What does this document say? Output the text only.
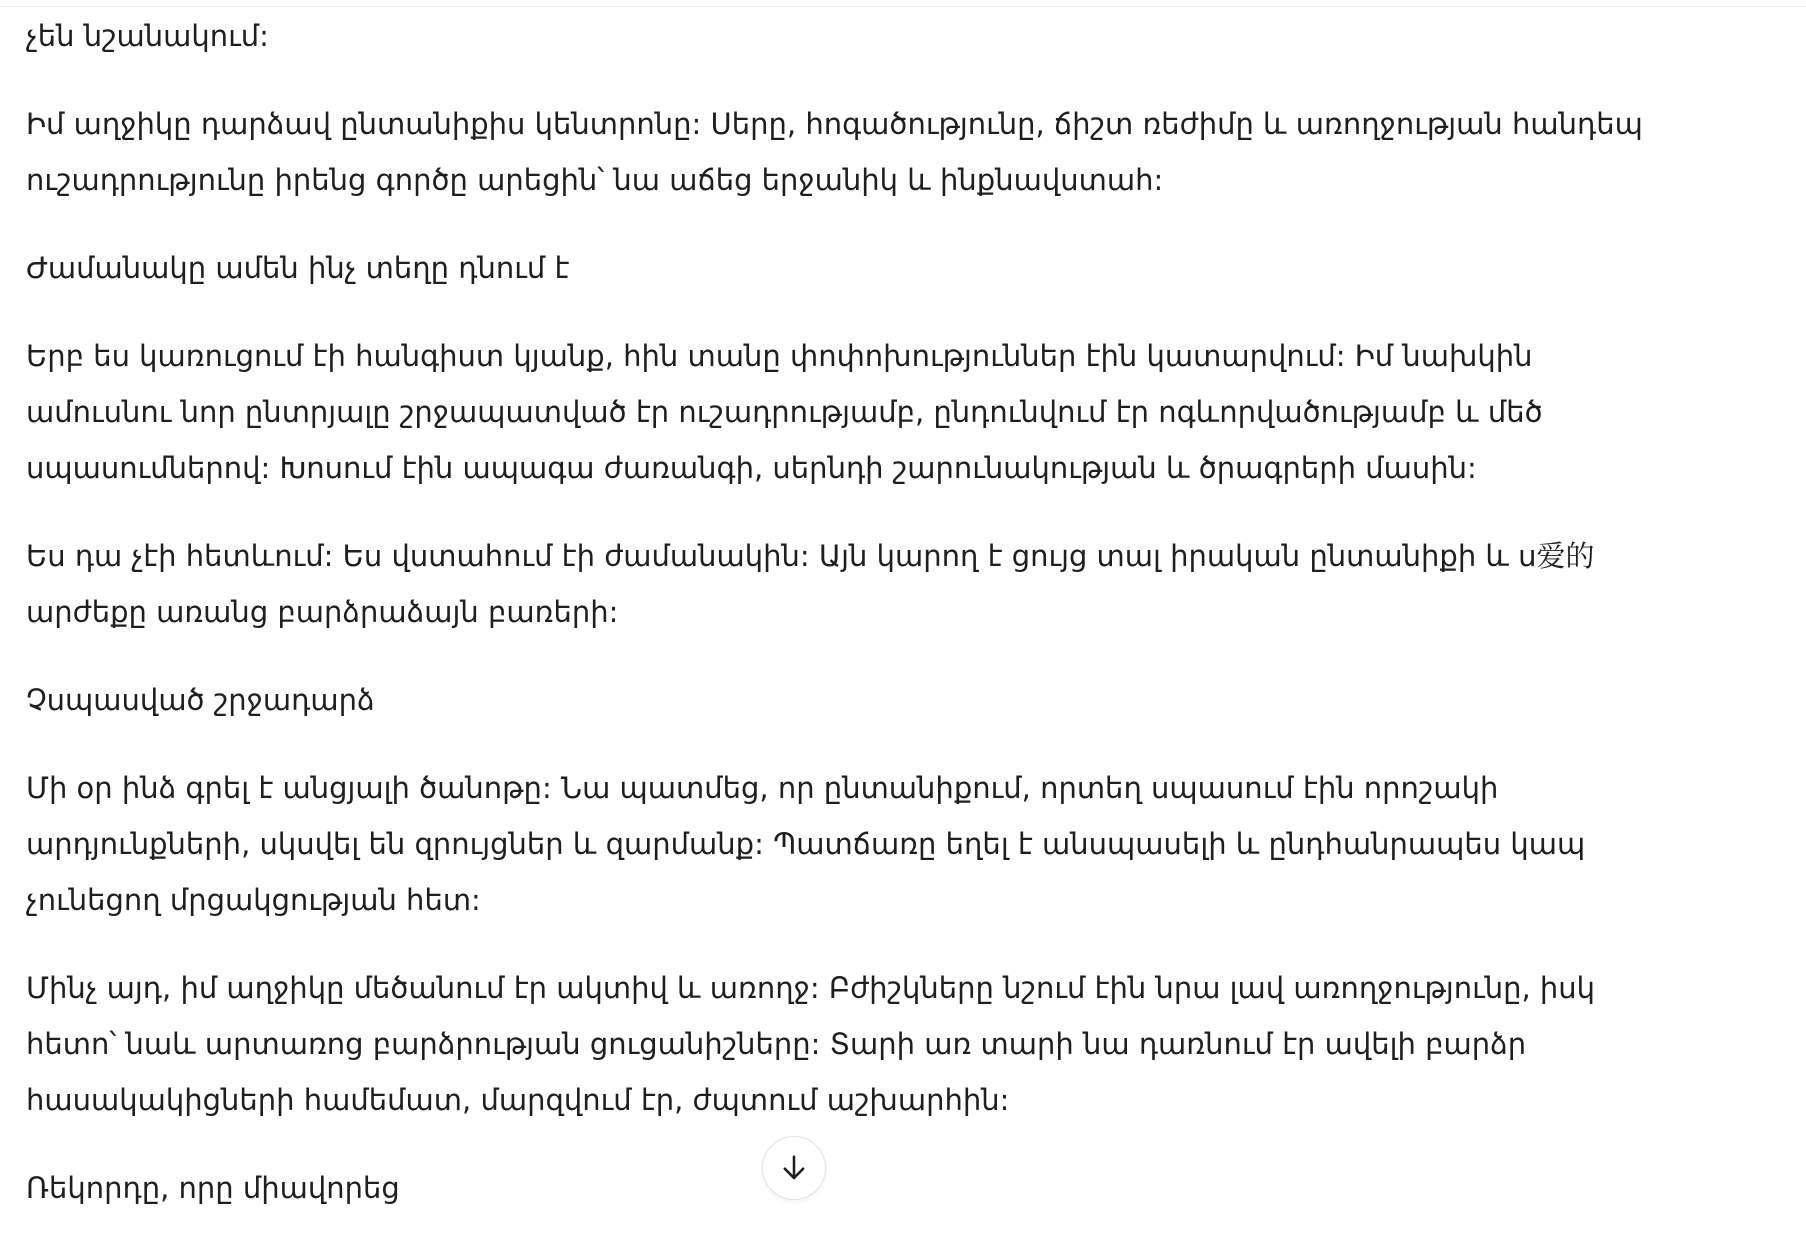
չեն նշանակում:

Իմ աղջիկը դարձավ ընտանիքիս կենտրոնը: Սերը, հոգածությունը, ճիշտ ռեժիմը և առողջության հանդեպ ուշադրությունը իրենց գործը արեցին՝ նա աճեց երջանիկ և ինքնավստահ:

Ժամանակը ամեն ինչ տեղը դնում է

Երբ ես կառուցում էի հանգիստ կյանք, հին տանը փոփոխություններ էին կատարվում: Իմ նախկին ամուսնու նոր ընտրյալը շրջապատված էր ուշադրությամբ, ընդունվում էր ոգևորվածությամբ և մեծ սպասումներով: Խոսում էին ապագա ժառանգի, սերնդի շարունակության և ծրագրերի մասին:

Ես դա չէի հետևում: Ես վստահում էի ժամանակին: Այն կարող է ցույց տալ իրական ընտանիքի և ս爱的 արժեքը առանց բարձրաձայն բառերի:

Չսպասված շրջադարձ

Մի օր ինձ գրել է անցյալի ծանոթը: Նա պատմեց, որ ընտանիքում, որտեղ սպասում էին որոշակի արդյունքների, սկսվել են զրույցներ և զարմանք: Պատճառը եղել է անսպասելի և ընդհանրապես կապ չունեցող մրցակցության հետ:

Մինչ այդ, իմ աղջիկը մեծանում էր ակտիվ և առողջ: Բժիշկները նշում էին նրա լավ առողջությունը, իսկ հետո՝ նաև արտառոց բարձրության ցուցանիշները: Տարի առ տարի նա դառնում էր ավելի բարձր հասակակիցների համեմատ, մարզվում էր, ժպտում աշխարհին:

Ռեկորդը, որը միավորեց
